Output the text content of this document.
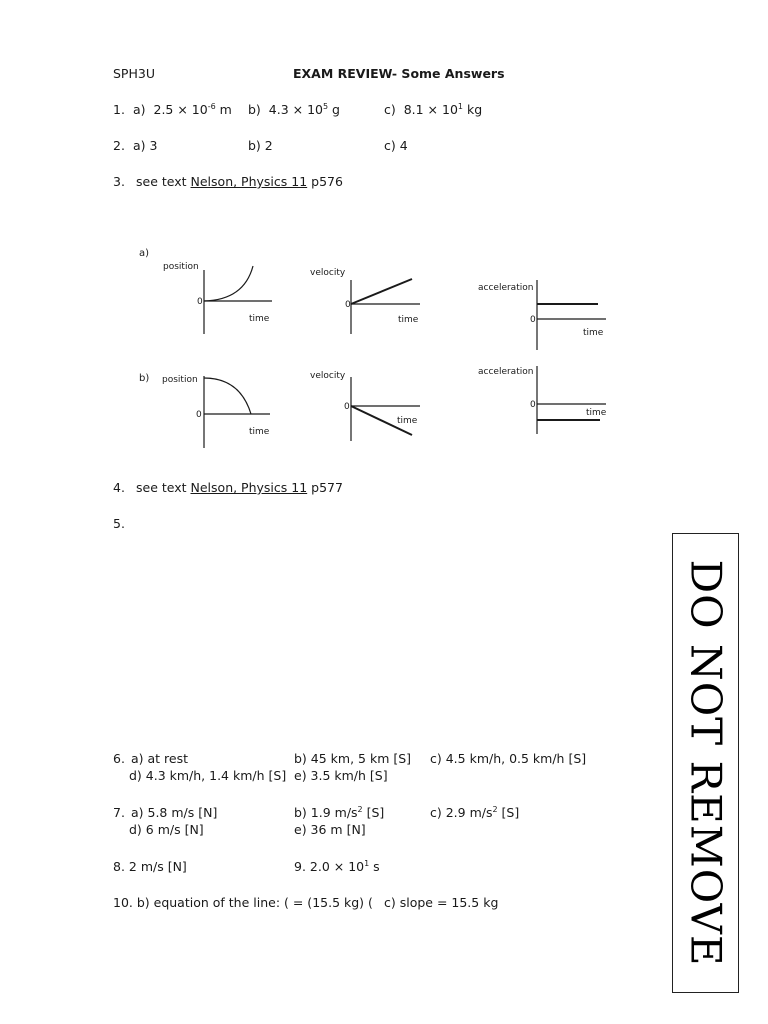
SPH3U	EXAM REVIEW- Some Answers
1. a) $2.5 \times 10^{-6}$ m b) $4.3 \times 10^5$ g	c) $8.1 \times 10^1$ kg
2. a) 3	b) 2	c) 4
3. see text Nelson, Physics 11 p576
a)
b)
position
0
time
velocity
0
time
acceleration
0
time
position
0
time
velocity
0
time
acceleration
0
time
4. see text Nelson, Physics 11 p577
5.
6. a) at rest	b) 45 km, 5 km [S] c) 4.5 km/h, 0.5 km/h [S]
d) 4.3 km/h, 1.4 km/h [S] e) 3.5 km/h [S]
7. a) 5.8 m/s [N]	b) 1.9 $m/s^2$ [S]	c) 2.9 $m/s^2$ [S]
d) 6 m/s [N]	e) 36 m [N]
8. 2 m/s [N]	9. $2.0 \times 10^1$ s
10. b) equation of the line: ( = (15.5 kg) ( c) slope = 15.5 kg	DO NOT REMOVE
